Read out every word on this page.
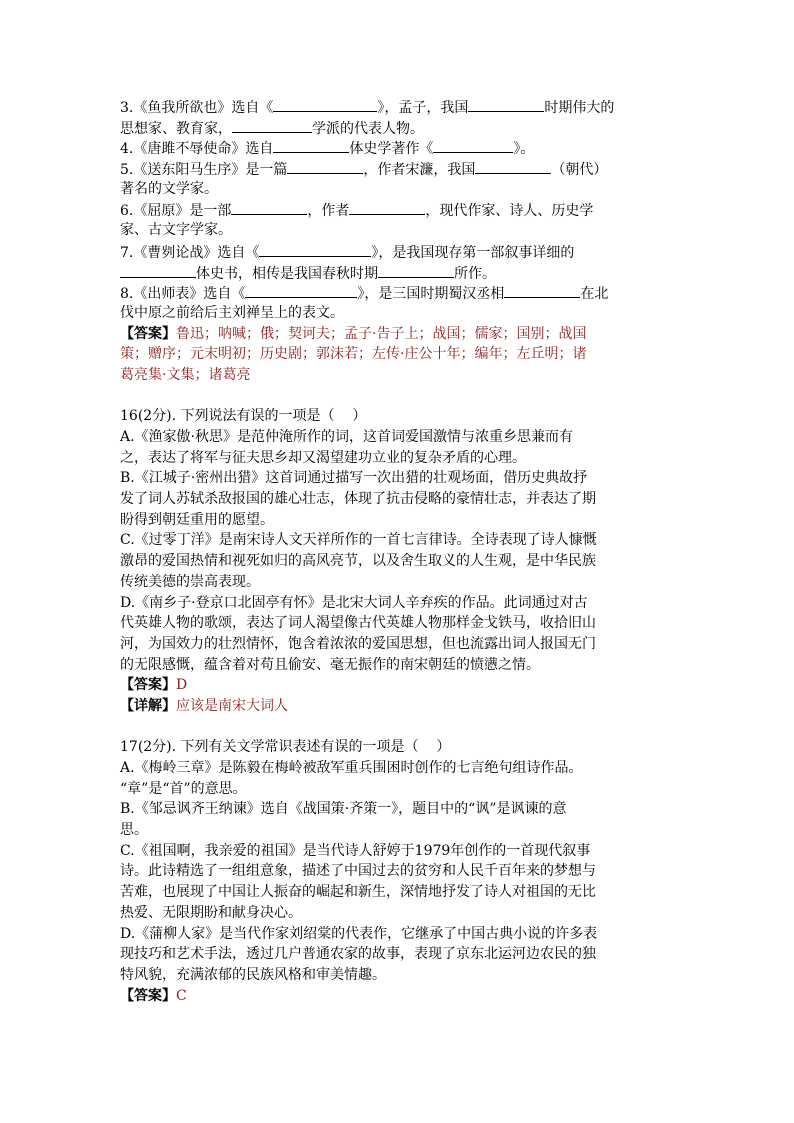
3.《鱼我所欲也》选自《	》，孟子，我国	时期伟大的
思想家、教育家，	学派的代表人物。
4.《唐雎不辱使命》选自	体史学著作《	》。
5.《送东阳马生序》是一篇	，作者宋濂，我国	（朝代）
著名的文学家。
6.《屈原》是一部	，作者	，现代作家、诗人、历史学
家、古文字学家。
7.《曹刿论战》选自《	》，是我国现存第一部叙事详细的
体史书，相传是我国春秋时期	所作。
8.《出师表》选自《	》，是三国时期蜀汉丞相	在北
伐中原之前给后主刘禅呈上的表文。
【答案】鲁迅；呐喊；俄；契诃夫；孟子·告子上；战国；儒家；国别；战国
策；赠序；元末明初；历史剧；郭沫若；左传·庄公十年；编年；左丘明；诸
葛亮集·文集；诸葛亮
16(2分). 下列说法有误的一项是（    ）
A.《渔家傲·秋思》是范仲淹所作的词，这首词爱国激情与浓重乡思兼而有
之，表达了将军与征夫思乡却又渴望建功立业的复杂矛盾的心理。
B.《江城子·密州出猎》这首词通过描写一次出猎的壮观场面，借历史典故抒
发了词人苏轼杀敌报国的雄心壮志，体现了抗击侵略的豪情壮志，并表达了期
盼得到朝廷重用的愿望。
C.《过零丁洋》是南宋诗人文天祥所作的一首七言律诗。全诗表现了诗人慷慨
激昂的爱国热情和视死如归的高风亮节，以及舍生取义的人生观，是中华民族
传统美德的崇高表现。
D.《南乡子·登京口北固亭有怀》是北宋大词人辛弃疾的作品。此词通过对古
代英雄人物的歌颂，表达了词人渴望像古代英雄人物那样金戈铁马，收拾旧山
河，为国效力的壮烈情怀，饱含着浓浓的爱国思想，但也流露出词人报国无门
的无限感慨，蕴含着对苟且偷安、毫无振作的南宋朝廷的愤懑之情。
【答案】D
【详解】应该是南宋大词人
17(2分). 下列有关文学常识表述有误的一项是（    ）
A.《梅岭三章》是陈毅在梅岭被敌军重兵围困时创作的七言绝句组诗作品。
“章”是“首”的意思。
B.《邹忌讽齐王纳谏》选自《战国策·齐策一》，题目中的“讽”是讽谏的意
思。
C.《祖国啊，我亲爱的祖国》是当代诗人舒婷于1979年创作的一首现代叙事
诗。此诗精选了一组组意象，描述了中国过去的贫穷和人民千百年来的梦想与
苦难，也展现了中国让人振奋的崛起和新生，深情地抒发了诗人对祖国的无比
热爱、无限期盼和献身决心。
D.《蒲柳人家》是当代作家刘绍棠的代表作，它继承了中国古典小说的许多表
现技巧和艺术手法，透过几户普通农家的故事，表现了京东北运河边农民的独
特风貌，充满浓郁的民族风格和审美情趣。
【答案】C
